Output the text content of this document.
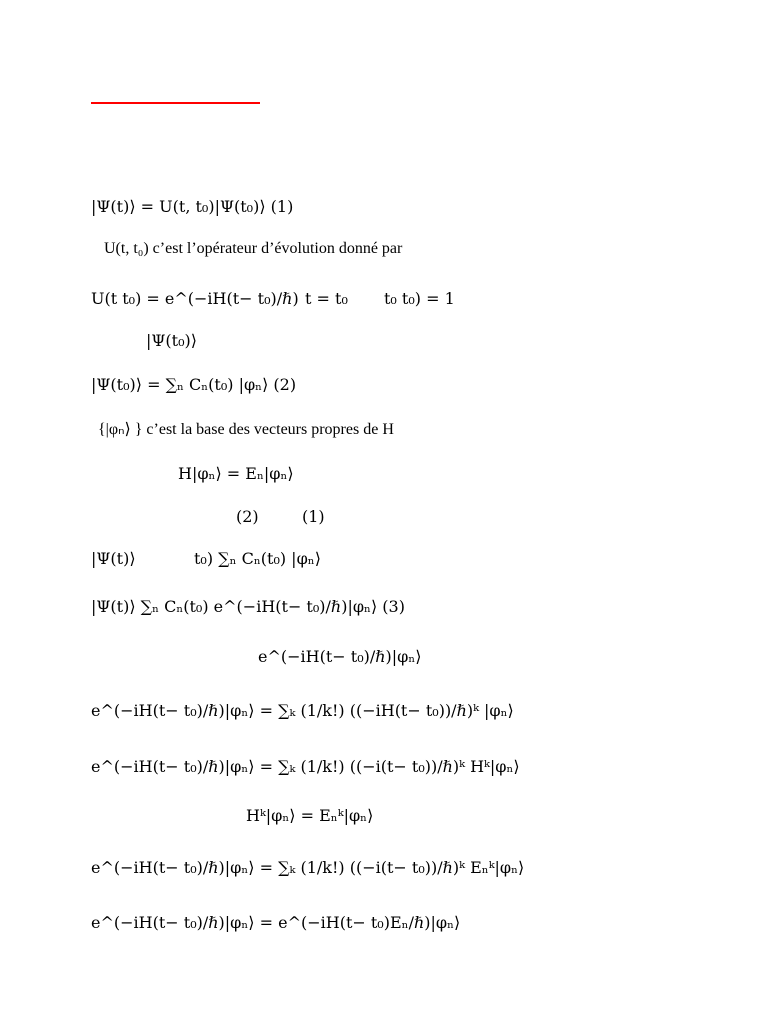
|Ψ(t)⟩ = U(t, t₀)|Ψ(t₀)⟩ (1)
U(t, t₀) c’est l’opérateur d’évolution donné par
U(t t₀) = e^(−iH(t− t₀)/ℏ) t = t₀ t₀ t₀) = 1
|Ψ(t₀)⟩
|Ψ(t₀)⟩ = ∑ₙ Cₙ(t₀) |φₙ⟩ (2)
{|φₙ⟩ } c’est la base des vecteurs propres de H
H|φₙ⟩ = Eₙ|φₙ⟩
(2)	(1)
|Ψ(t)⟩	t₀) ∑ₙ Cₙ(t₀) |φₙ⟩
|Ψ(t)⟩ ∑ₙ Cₙ(t₀) e^(−iH(t− t₀)/ℏ)|φₙ⟩ (3)
e^(−iH(t− t₀)/ℏ)|φₙ⟩
e^(−iH(t− t₀)/ℏ)|φₙ⟩ = ∑ₖ (1/k!) ((−iH(t− t₀))/ℏ)ᵏ |φₙ⟩
e^(−iH(t− t₀)/ℏ)|φₙ⟩ = ∑ₖ (1/k!) ((−i(t− t₀))/ℏ)ᵏ Hᵏ|φₙ⟩
Hᵏ|φₙ⟩ = Eₙᵏ|φₙ⟩
e^(−iH(t− t₀)/ℏ)|φₙ⟩ = ∑ₖ (1/k!) ((−i(t− t₀))/ℏ)ᵏ Eₙᵏ|φₙ⟩
e^(−iH(t− t₀)/ℏ)|φₙ⟩ = e^(−iH(t− t₀)Eₙ/ℏ)|φₙ⟩
